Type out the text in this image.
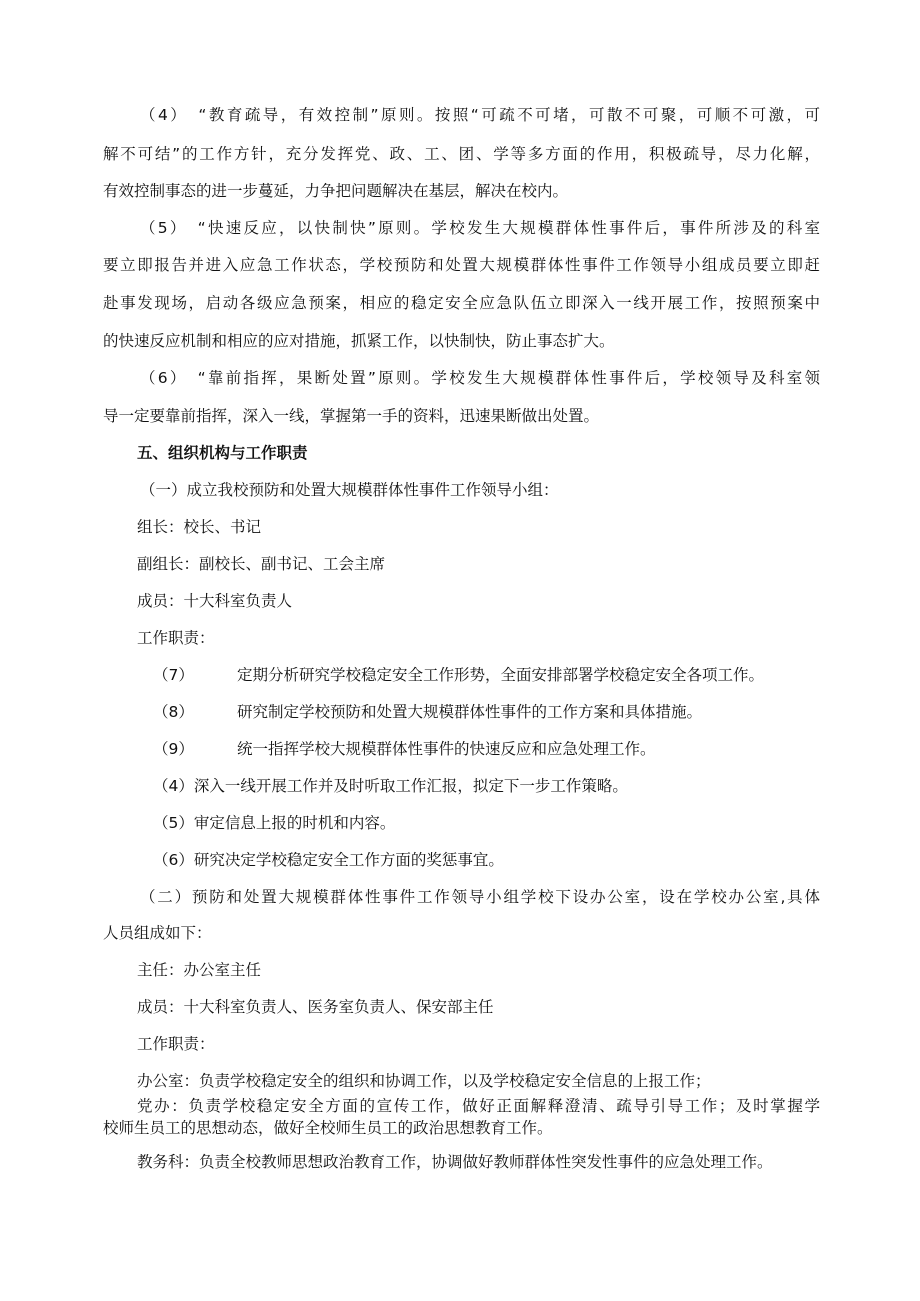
（4）　“教育疏导，有效控制”原则。按照“可疏不可堵，可散不可聚，可顺不可激，可
解不可结”的工作方针，充分发挥党、政、工、团、学等多方面的作用，积极疏导，尽力化解，
有效控制事态的进一步蔓延，力争把问题解决在基层，解决在校内。
（5）　“快速反应，以快制快”原则。学校发生大规模群体性事件后，事件所涉及的科室
要立即报告并进入应急工作状态，学校预防和处置大规模群体性事件工作领导小组成员要立即赶
赴事发现场，启动各级应急预案，相应的稳定安全应急队伍立即深入一线开展工作，按照预案中
的快速反应机制和相应的应对措施，抓紧工作，以快制快，防止事态扩大。
（6）　“靠前指挥，果断处置”原则。学校发生大规模群体性事件后，学校领导及科室领
导一定要靠前指挥，深入一线，掌握第一手的资料，迅速果断做出处置。
五、组织机构与工作职责
（一）成立我校预防和处置大规模群体性事件工作领导小组：
组长：校长、书记
副组长：副校长、副书记、工会主席
成员：十大科室负责人
工作职责：
（7）	定期分析研究学校稳定安全工作形势，全面安排部署学校稳定安全各项工作。
（8）	研究制定学校预防和处置大规模群体性事件的工作方案和具体措施。
（9）	统一指挥学校大规模群体性事件的快速反应和应急处理工作。
（4）深入一线开展工作并及时听取工作汇报，拟定下一步工作策略。
（5）审定信息上报的时机和内容。
（6）研究决定学校稳定安全工作方面的奖惩事宜。
（二）预防和处置大规模群体性事件工作领导小组学校下设办公室，设在学校办公室,具体
人员组成如下：
主任：办公室主任
成员：十大科室负责人、医务室负责人、保安部主任
工作职责：
办公室：负责学校稳定安全的组织和协调工作，以及学校稳定安全信息的上报工作；
党办：负责学校稳定安全方面的宣传工作，做好正面解释澄清、疏导引导工作；及时掌握学
校师生员工的思想动态，做好全校师生员工的政治思想教育工作。
教务科：负责全校教师思想政治教育工作，协调做好教师群体性突发性事件的应急处理工作。
